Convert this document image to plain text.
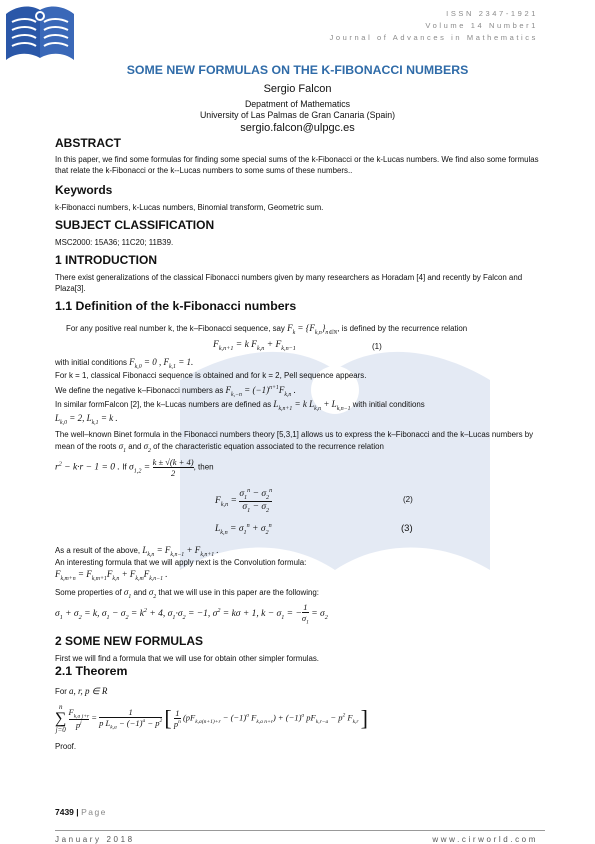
ISSN 2347-1921
Volume 14 Number1
Journal of Advances in Mathematics
SOME NEW FORMULAS ON THE K-FIBONACCI NUMBERS
Sergio Falcon
Depatment of Mathematics
University of Las Palmas de Gran Canaria (Spain)
sergio.falcon@ulpgc.es
ABSTRACT
In this paper, we find some formulas for finding some special sums of the k-Fibonacci or the k-Lucas numbers. We find also some formulas that relate the k-Fibonacci or the k--Lucas numbers to some sums of these numbers..
Keywords
k-Fibonacci numbers, k-Lucas numbers, Binomial transform, Geometric sum.
SUBJECT CLASSIFICATION
MSC2000: 15A36; 11C20; 11B39.
1 INTRODUCTION
There exist generalizations of the classical Fibonacci numbers given by many researchers as Horadam [4] and recently by Falcon and Plaza[3].
1.1 Definition of the k-Fibonacci numbers
For any positive real number k, the k–Fibonacci sequence, say $F_k = \{F_{k,n}\}_{n\in N}$, is defined by the recurrence relation
$F_{k,n+1} = k$ $F_{k,n} + F_{k,n-1}$	(1)
with initial conditions $F_{k,0} = 0$ , $F_{k,1} = 1$.
For k = 1, classical Fibonacci sequence is obtained and for k = 2, Pell sequence appears.
We define the negative k–Fibonacci numbers as $F_{k,-n} = (-1)^{n+1}F_{k,n}$ .
In similar formFalcon [2], the k–Lucas numbers are defined as $L_{k,n+1} = k$ $L_{k,n} + L_{k,n-1}$ with initial conditions
$L_{k,0} = 2$, $L_{k,1} = k$ .
The well–known Binet formula in the Fibonacci numbers theory [5,3,1] allows us to express the k–Fibonacci and the k–Lucas numbers by mean of the roots $\sigma_1$ and $\sigma_2$ of the characteristic equation associated to the recurrence relation
$r^2 - k\cdot r - 1 = 0$ . If $\sigma_{1,2} = \frac{k \pm √(k + 4)}{2}$ , then
$F_{k,n} = \frac{\sigma_1^n - \sigma_2^n}{\sigma_1 - \sigma_2}$	(2)
$L_{k,n} = \sigma_1^n + \sigma_2^n$	(3)
As a result of the above, $L_{k,n} = F_{k,n-1} + F_{k,n+1}$ .
An interesting formula that we will apply next is the Convolution formula:
$F_{k,m+n} = F_{k,m+1}F_{k,n} + F_{k,m}F_{k,n-1}$ .
Some properties of $\sigma_1$ and $\sigma_2$ that we will use in this paper are the following:
$\sigma_1 + \sigma_2 = k$, $\sigma_1 - \sigma_2 = k^2 + 4$, $\sigma_1\cdot\sigma_2 = -1$, $\sigma^2 = k\sigma + 1$, $k - \sigma_1$ = − $\frac{1}{\sigma_1} = \sigma_2$
2 SOME NEW FORMULAS
First we will find a formula that we will use for obtain other simpler formulas.
2.1 Theorem
For a, r, p ∈ R
n
∑
j=0
$\frac{F_{k,a j+r}}{p^j} = \frac{1}{p L_{k,a} - (-1)^a - p^2}$ [ $\frac{1}{p^n} (pF_{k,a(n+1)+r} - (-1)^a$ $F_{k,a n+r}) + (-1)^a$ $pF_{k,r-a} - p^2$ $F_{k,r}$ ]
Proof.
7439 | Page
January 2018	www.cirworld.com
